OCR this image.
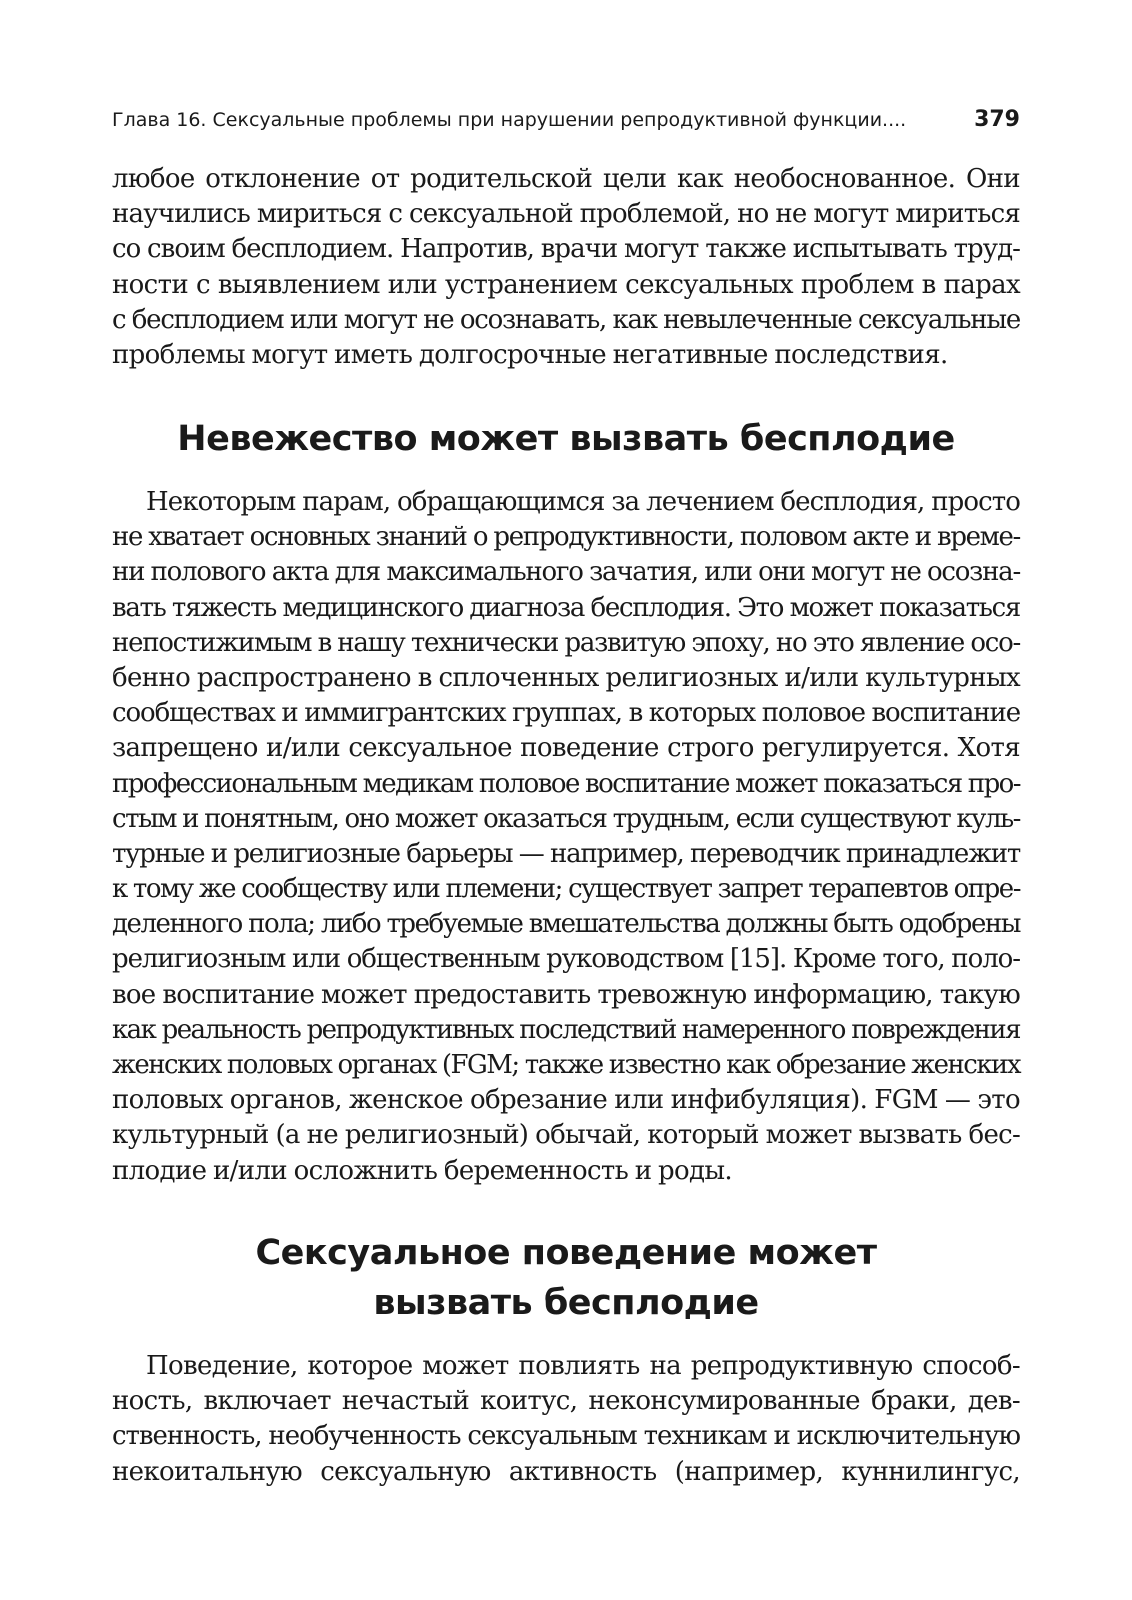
Глава 16. Сексуальные проблемы при нарушении репродуктивной функции....	379

любое отклонение от родительской цели как необоснованное. Они
научились мириться с сексуальной проблемой, но не могут мириться
со своим бесплодием. Напротив, врачи могут также испытывать труд-
ности с выявлением или устранением сексуальных проблем в парах
с бесплодием или могут не осознавать, как невылеченные сексуальные
проблемы могут иметь долгосрочные негативные последствия.

Невежество может вызвать бесплодие

Некоторым парам, обращающимся за лечением бесплодия, просто
не хватает основных знаний о репродуктивности, половом акте и време-
ни полового акта для максимального зачатия, или они могут не осозна-
вать тяжесть медицинского диагноза бесплодия. Это может показаться
непостижимым в нашу технически развитую эпоху, но это явление осо-
бенно распространено в сплоченных религиозных и/или культурных
сообществах и иммигрантских группах, в которых половое воспитание
запрещено и/или сексуальное поведение строго регулируется. Хотя
профессиональным медикам половое воспитание может показаться про-
стым и понятным, оно может оказаться трудным, если существуют куль-
турные и религиозные барьеры — например, переводчик принадлежит
к тому же сообществу или племени; существует запрет терапевтов опре-
деленного пола; либо требуемые вмешательства должны быть одобрены
религиозным или общественным руководством [15]. Кроме того, поло-
вое воспитание может предоставить тревожную информацию, такую
как реальность репродуктивных последствий намеренного повреждения
женских половых органах (FGM; также известно как обрезание женских
половых органов, женское обрезание или инфибуляция). FGM — это
культурный (а не религиозный) обычай, который может вызвать бес-
плодие и/или осложнить беременность и роды.

Сексуальное поведение может
вызвать бесплодие

Поведение, которое может повлиять на репродуктивную способ-
ность, включает нечастый коитус, неконсумированные браки, дев-
ственность, необученность сексуальным техникам и исключительную
некоитальную сексуальную активность (например, куннилингус,
